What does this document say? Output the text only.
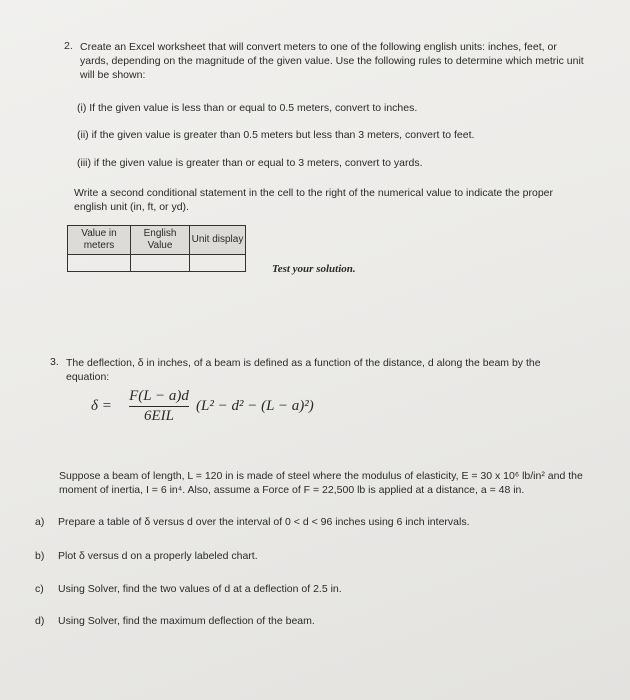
2. Create an Excel worksheet that will convert meters to one of the following english units: inches, feet, or yards, depending on the magnitude of the given value. Use the following rules to determine which metric unit will be shown:

(i) If the given value is less than or equal to 0.5 meters, convert to inches.

(ii) if the given value is greater than 0.5 meters but less than 3 meters, convert to feet.

(iii) if the given value is greater than or equal to 3 meters, convert to yards.

Write a second conditional statement in the cell to the right of the numerical value to indicate the proper english unit (in, ft, or yd).

Value in meters	English Value	Unit display

Test your solution.
3. The deflection, δ in inches, of a beam is defined as a function of the distance, d along the beam by the equation:

δ =
F(L − a)d
6EIL
(L² − d² − (L − a)²)

Suppose a beam of length, L = 120 in is made of steel where the modulus of elasticity, E = 30 x 10⁶ lb/in² and the moment of inertia, I = 6 in⁴. Also, assume a Force of F = 22,500 lb is applied at a distance, a = 48 in.

a) Prepare a table of δ versus d over the interval of 0 < d < 96 inches using 6 inch intervals.

b) Plot δ versus d on a properly labeled chart.

c) Using Solver, find the two values of d at a deflection of 2.5 in.

d) Using Solver, find the maximum deflection of the beam.
